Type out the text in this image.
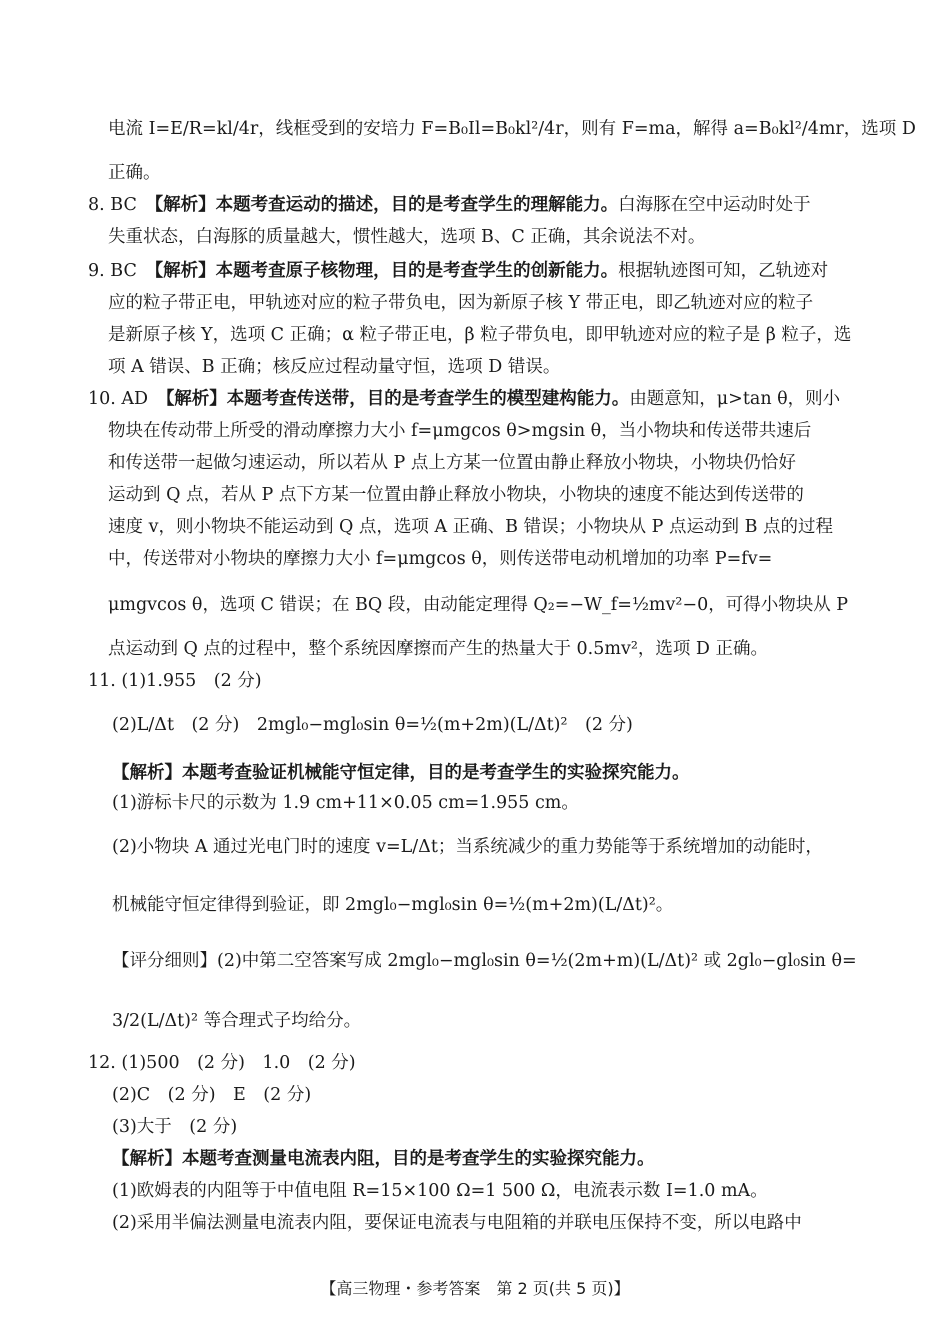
电流 I=E/R=kl/4r，线框受到的安培力 F=B₀Il=B₀kl²/4r，则有 F=ma，解得 a=B₀kl²/4mr，选项 D
正确。
8. BC　 【解析】本题考查运动的描述，目的是考查学生的理解能力。白海豚在空中运动时处于
失重状态，白海豚的质量越大，惯性越大，选项 B、C 正确，其余说法不对。
9. BC　 【解析】本题考查原子核物理，目的是考查学生的创新能力。根据轨迹图可知，乙轨迹对
应的粒子带正电，甲轨迹对应的粒子带负电，因为新原子核 Y 带正电，即乙轨迹对应的粒子
是新原子核 Y，选项 C 正确；α 粒子带正电，β 粒子带负电，即甲轨迹对应的粒子是 β 粒子，选
项 A 错误、B 正确；核反应过程动量守恒，选项 D 错误。
10. AD　 【解析】本题考查传送带，目的是考查学生的模型建构能力。由题意知，μ>tan θ，则小
物块在传动带上所受的滑动摩擦力大小 f=μmgcos θ>mgsin θ，当小物块和传送带共速后
和传送带一起做匀速运动，所以若从 P 点上方某一位置由静止释放小物块，小物块仍恰好
运动到 Q 点，若从 P 点下方某一位置由静止释放小物块，小物块的速度不能达到传送带的
速度 v，则小物块不能运动到 Q 点，选项 A 正确、B 错误；小物块从 P 点运动到 B 点的过程
中，传送带对小物块的摩擦力大小 f=μmgcos θ，则传送带电动机增加的功率 P=fv=
μmgvcos θ，选项 C 错误；在 BQ 段，由动能定理得 Q₂=−W_f=½mv²−0，可得小物块从 P
点运动到 Q 点的过程中，整个系统因摩擦而产生的热量大于 0.5mv²，选项 D 正确。
11. (1)1.955　(2 分)
(2)L/Δt　(2 分)　2mgl₀−mgl₀sin θ=½(m+2m)(L/Δt)²　(2 分)
【解析】本题考查验证机械能守恒定律，目的是考查学生的实验探究能力。
(1)游标卡尺的示数为 1.9 cm+11×0.05 cm=1.955 cm。
(2)小物块 A 通过光电门时的速度 v=L/Δt；当系统减少的重力势能等于系统增加的动能时，
机械能守恒定律得到验证，即 2mgl₀−mgl₀sin θ=½(m+2m)(L/Δt)²。
【评分细则】(2)中第二空答案写成 2mgl₀−mgl₀sin θ=½(2m+m)(L/Δt)² 或 2gl₀−gl₀sin θ=
3/2(L/Δt)² 等合理式子均给分。
12. (1)500　(2 分)　1.0　(2 分)
(2)C　(2 分)　E　(2 分)
(3)大于　(2 分)
【解析】本题考查测量电流表内阻，目的是考查学生的实验探究能力。
(1)欧姆表的内阻等于中值电阻 R=15×100 Ω=1 500 Ω，电流表示数 I=1.0 mA。
(2)采用半偏法测量电流表内阻，要保证电流表与电阻箱的并联电压保持不变，所以电路中
【高三物理・参考答案　第 2 页(共 5 页)】
